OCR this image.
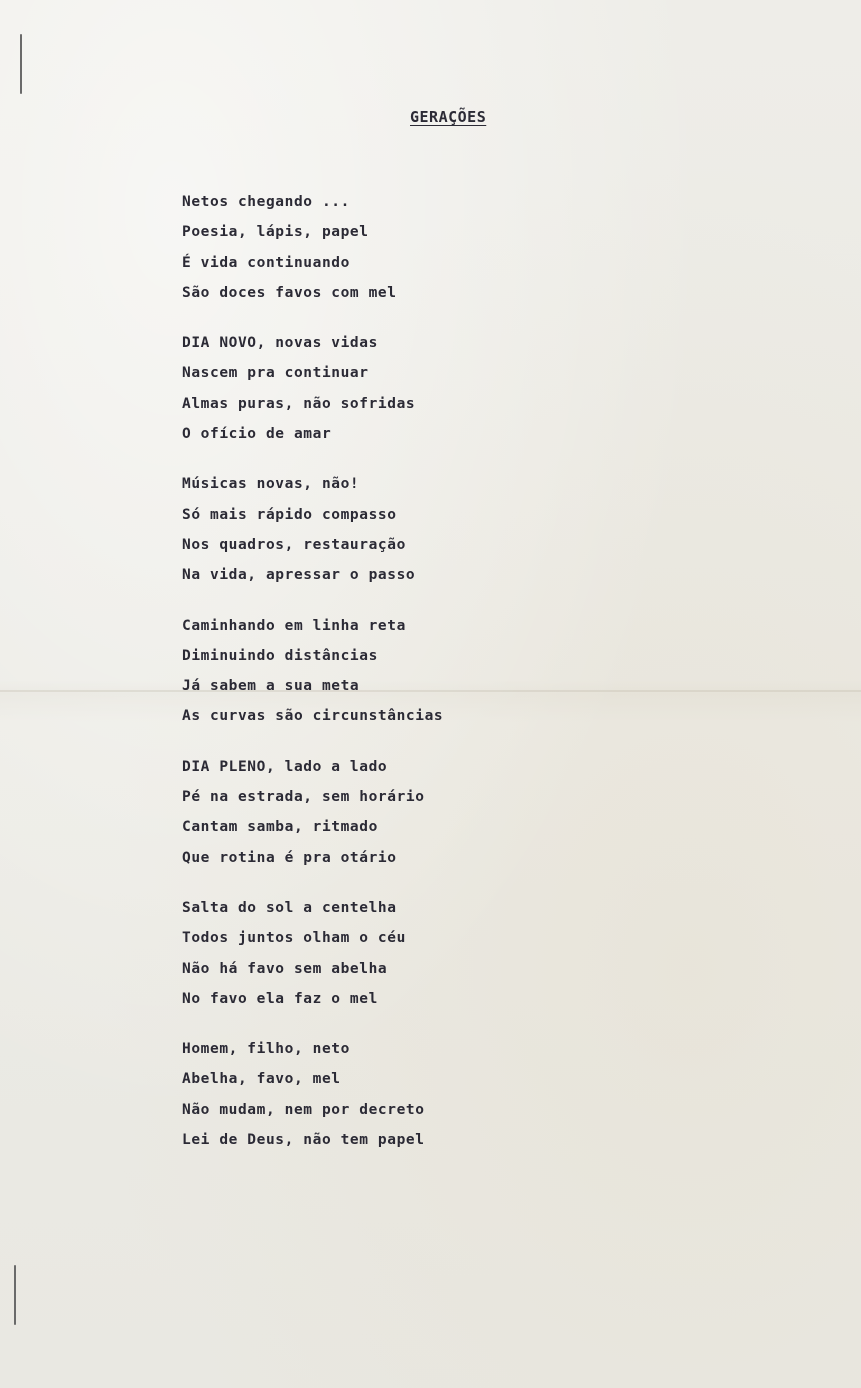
GERAÇÕES
Netos chegando ...
Poesia, lápis, papel
É vida continuando
São doces favos com mel
DIA NOVO, novas vidas
Nascem pra continuar
Almas puras, não sofridas
O ofício de amar
Músicas novas, não!
Só mais rápido compasso
Nos quadros, restauração
Na vida, apressar o passo
Caminhando em linha reta
Diminuindo distâncias
Já sabem a sua meta
As curvas são circunstâncias
DIA PLENO, lado a lado
Pé na estrada, sem horário
Cantam samba, ritmado
Que rotina é pra otário
Salta do sol a centelha
Todos juntos olham o céu
Não há favo sem abelha
No favo ela faz o mel
Homem, filho, neto
Abelha, favo, mel
Não mudam, nem por decreto
Lei de Deus, não tem papel
